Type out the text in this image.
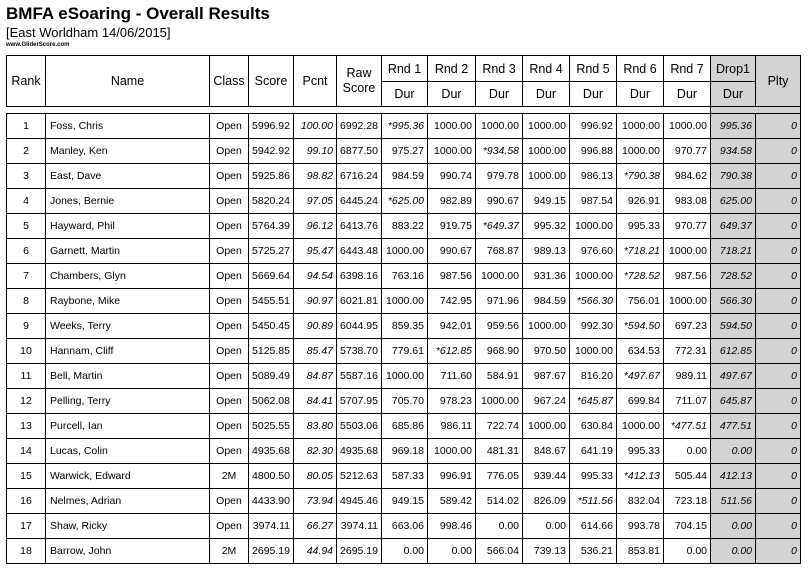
BMFA eSoaring - Overall Results
[East Worldham 14/06/2015]
www.GliderScore.com
Rank	Name	Class	Score	Pcnt	Raw Score	Rnd 1	Rnd 2	Rnd 3	Rnd 4	Rnd 5	Rnd 6	Rnd 7	Drop1	Plty
						Dur	Dur	Dur	Dur	Dur	Dur	Dur	Dur	

1	Foss, Chris	Open	5996.92	100.00	6992.28	*995.36	1000.00	1000.00	1000.00	996.92	1000.00	1000.00	995.36	0
2	Manley, Ken	Open	5942.92	99.10	6877.50	975.27	1000.00	*934.58	1000.00	996.88	1000.00	970.77	934.58	0
3	East, Dave	Open	5925.86	98.82	6716.24	984.59	990.74	979.78	1000.00	986.13	*790.38	984.62	790.38	0
4	Jones, Bernie	Open	5820.24	97.05	6445.24	*625.00	982.89	990.67	949.15	987.54	926.91	983.08	625.00	0
5	Hayward, Phil	Open	5764.39	96.12	6413.76	883.22	919.75	*649.37	995.32	1000.00	995.33	970.77	649.37	0
6	Garnett, Martin	Open	5725.27	95.47	6443.48	1000.00	990.67	768.87	989.13	976.60	*718.21	1000.00	718.21	0
7	Chambers, Glyn	Open	5669.64	94.54	6398.16	763.16	987.56	1000.00	931.36	1000.00	*728.52	987.56	728.52	0
8	Raybone, Mike	Open	5455.51	90.97	6021.81	1000.00	742.95	971.96	984.59	*566.30	756.01	1000.00	566.30	0
9	Weeks, Terry	Open	5450.45	90.89	6044.95	859.35	942.01	959.56	1000.00	992.30	*594.50	697.23	594.50	0
10	Hannam, Cliff	Open	5125.85	85.47	5738.70	779.61	*612.85	968.90	970.50	1000.00	634.53	772.31	612.85	0
11	Bell, Martin	Open	5089.49	84.87	5587.16	1000.00	711.60	584.91	987.67	816.20	*497.67	989.11	497.67	0
12	Pelling, Terry	Open	5062.08	84.41	5707.95	705.70	978.23	1000.00	967.24	*645.87	699.84	711.07	645.87	0
13	Purcell, Ian	Open	5025.55	83.80	5503.06	685.86	986.11	722.74	1000.00	630.84	1000.00	*477.51	477.51	0
14	Lucas, Colin	Open	4935.68	82.30	4935.68	969.18	1000.00	481.31	848.67	641.19	995.33	0.00	0.00	0
15	Warwick, Edward	2M	4800.50	80.05	5212.63	587.33	996.91	776.05	939.44	995.33	*412.13	505.44	412.13	0
16	Nelmes, Adrian	Open	4433.90	73.94	4945.46	949.15	589.42	514.02	826.09	*511.56	832.04	723.18	511.56	0
17	Shaw, Ricky	Open	3974.11	66.27	3974.11	663.06	998.46	0.00	0.00	614.66	993.78	704.15	0.00	0
18	Barrow, John	2M	2695.19	44.94	2695.19	0.00	0.00	566.04	739.13	536.21	853.81	0.00	0.00	0
